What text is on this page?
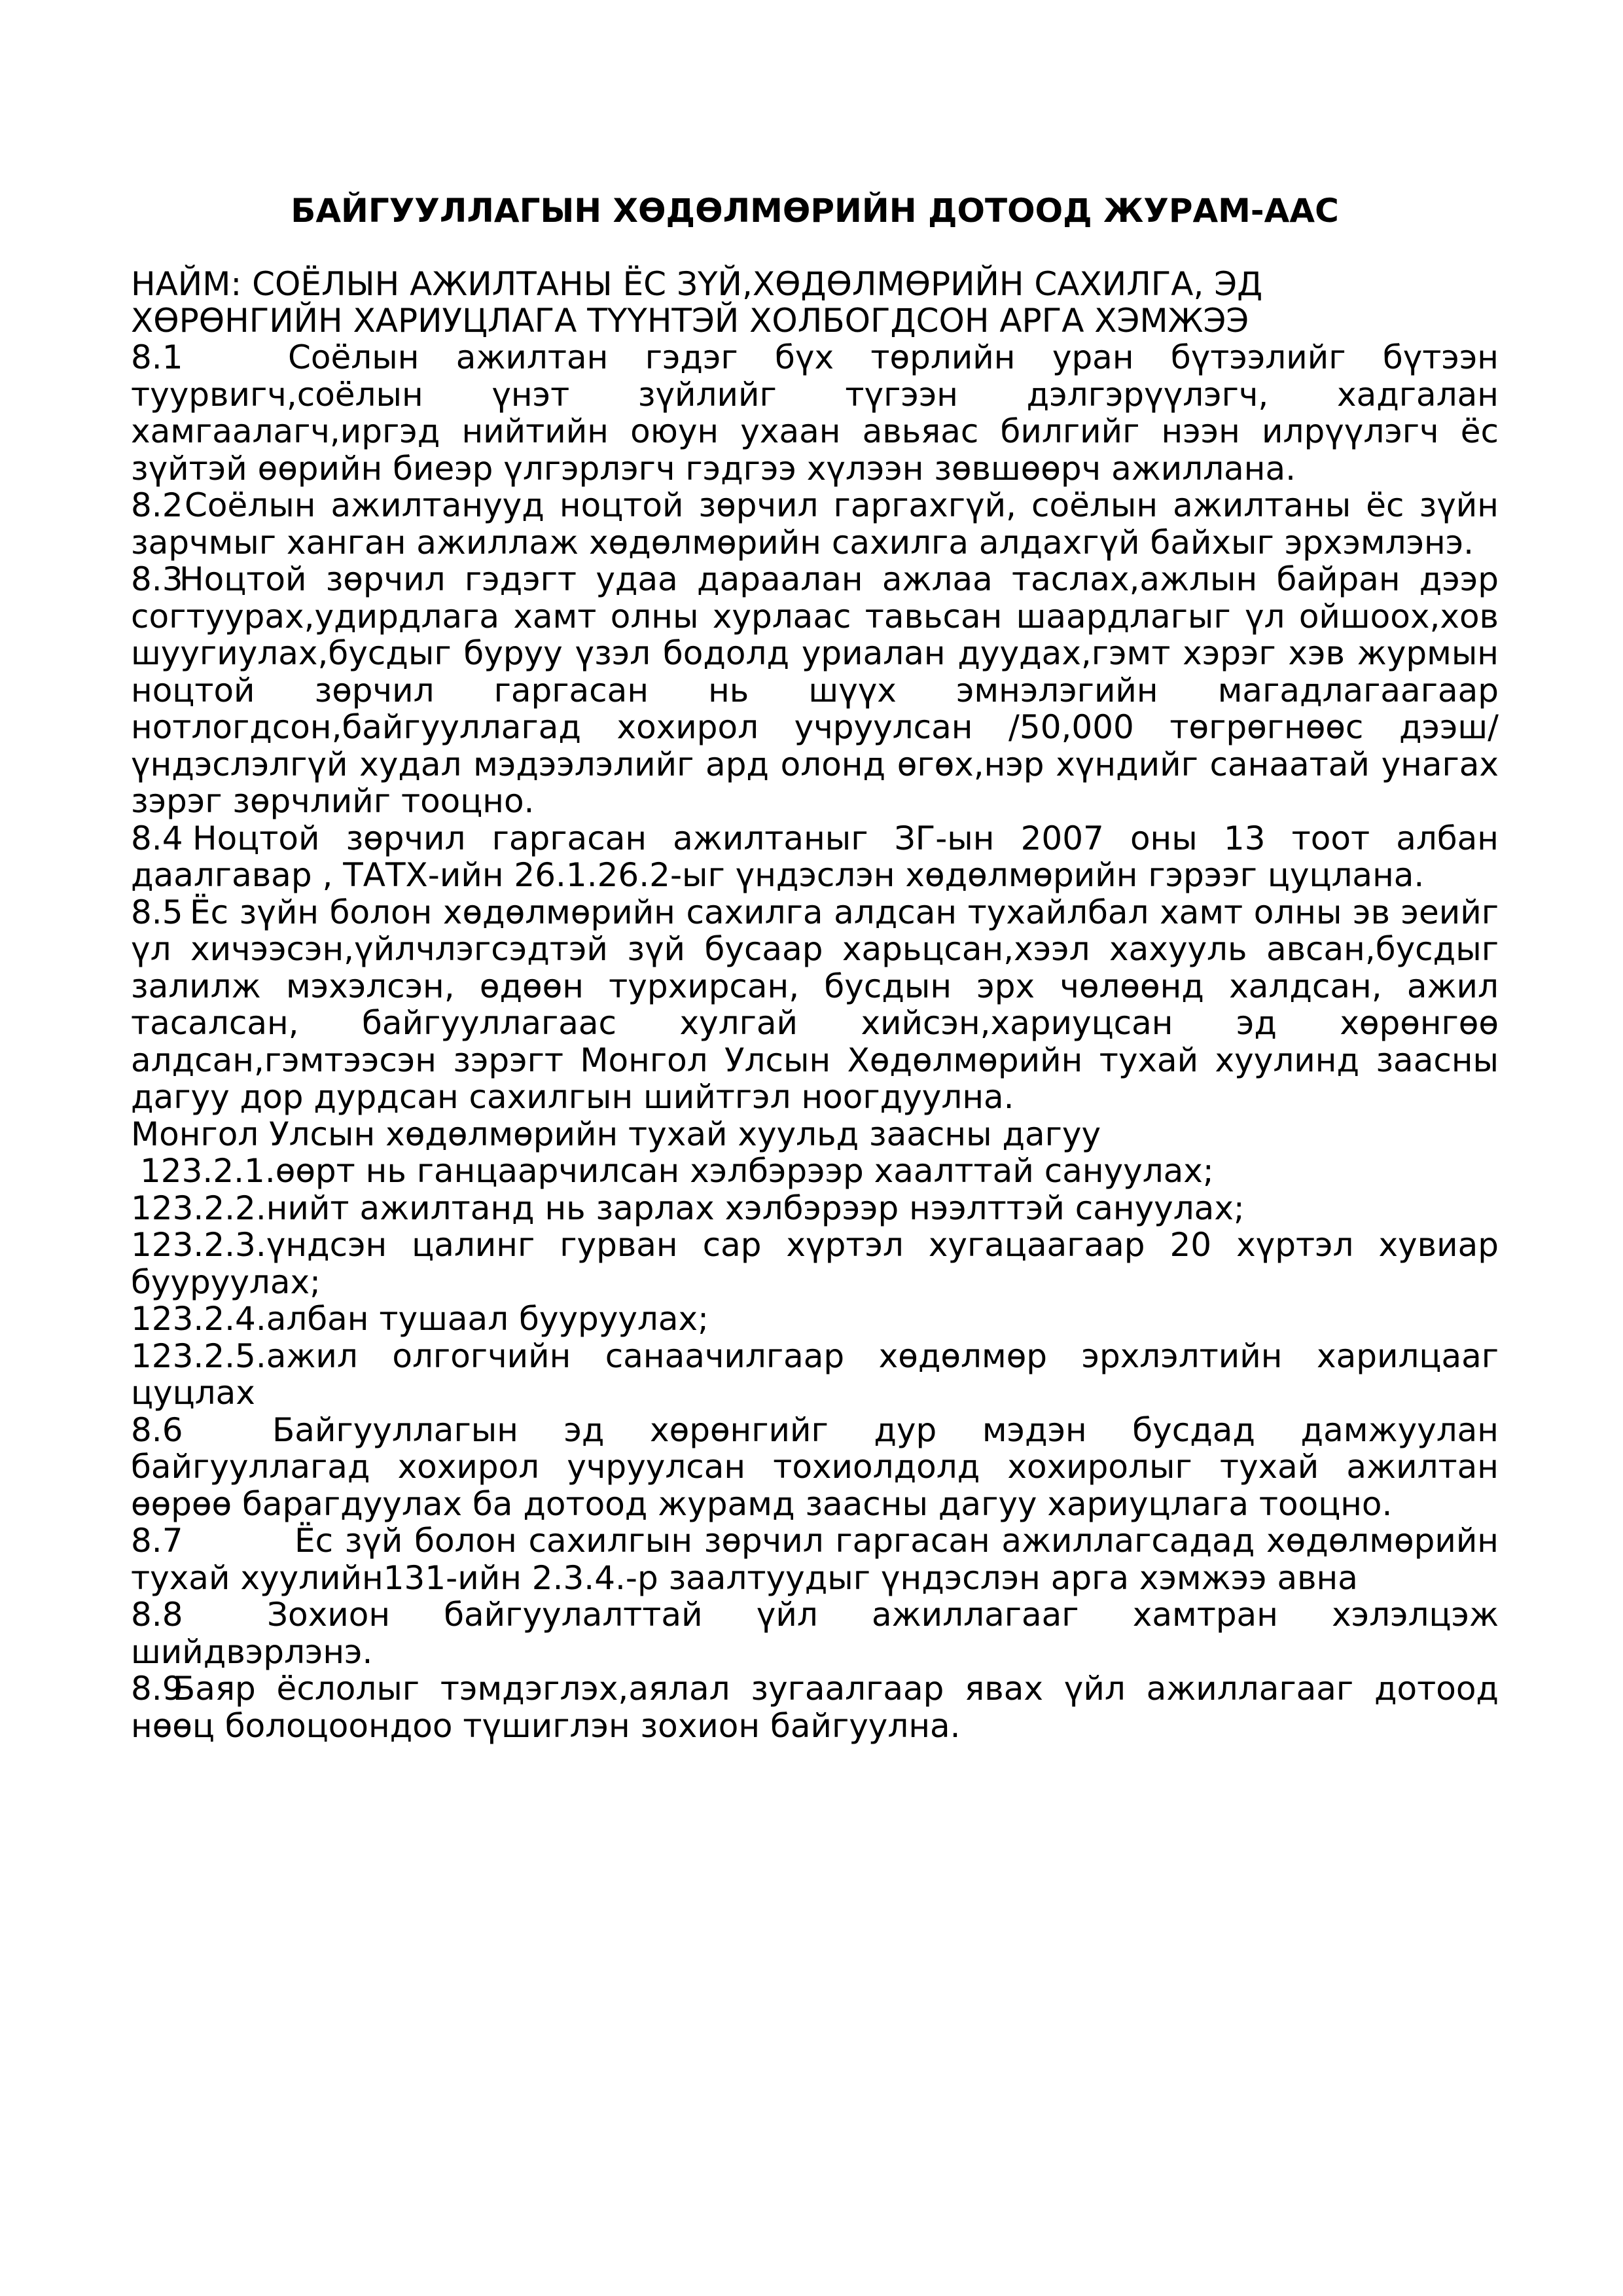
БАЙГУУЛЛАГЫН ХӨДӨЛМӨРИЙН ДОТООД ЖУРАМ-ААС
НАЙМ: СОЁЛЫН АЖИЛТАНЫ ЁС ЗҮЙ,ХӨДӨЛМӨРИЙН САХИЛГА, ЭД
ХӨРӨНГИЙН ХАРИУЦЛАГА ТҮҮНТЭЙ ХОЛБОГДСОН АРГА ХЭМЖЭЭ

8.1	Соёлын ажилтан гэдэг бүх төрлийн уран бүтээлийг бүтээн туурвигч,соёлын үнэт зүйлийг түгээн дэлгэрүүлэгч, хадгалан хамгаалагч,иргэд нийтийн оюун ухаан авьяас билгийг нээн илрүүлэгч ёс зүйтэй өөрийн биеэр үлгэрлэгч гэдгээ хүлээн зөвшөөрч ажиллана.

8.2Соёлын ажилтанууд ноцтой зөрчил гаргахгүй, соёлын ажилтаны ёс зүйн зарчмыг ханган ажиллаж хөдөлмөрийн сахилга алдахгүй байхыг эрхэмлэнэ.

8.3Ноцтой зөрчил гэдэгт удаа дараалан ажлаа таслах,ажлын байран дээр согтуурах,удирдлага хамт олны хурлаас тавьсан шаардлагыг үл ойшоох,хов шуугиулах,бусдыг буруу үзэл бодолд уриалан дуудах,гэмт хэрэг хэв журмын ноцтой зөрчил гаргасан нь шүүх эмнэлэгийн магадлагаагаар нотлогдсон,байгууллагад хохирол учруулсан /50,000 төгрөгнөөс дээш/ үндэслэлгүй худал мэдээлэлийг ард олонд өгөх,нэр хүндийг санаатай унагах зэрэг зөрчлийг тооцно.

8.4 Ноцтой зөрчил гаргасан ажилтаныг ЗГ-ын 2007 оны 13 тоот албан даалгавар , ТАТХ-ийн 26.1.26.2-ыг үндэслэн хөдөлмөрийн гэрээг цуцлана.

8.5 Ёс зүйн болон хөдөлмөрийн сахилга алдсан тухайлбал хамт олны эв эеийг үл хичээсэн,үйлчлэгсэдтэй зүй бусаар харьцсан,хээл хахууль авсан,бусдыг залилж мэхэлсэн, өдөөн турхирсан, бусдын эрх чөлөөнд халдсан, ажил тасалсан, байгууллагаас хулгай хийсэн,хариуцсан эд хөрөнгөө алдсан,гэмтээсэн зэрэгт Монгол Улсын Хөдөлмөрийн тухай хуулинд заасны дагуу дор дурдсан сахилгын шийтгэл ноогдуулна.

Монгол Улсын хөдөлмөрийн тухай хуульд заасны дагуу

123.2.1.өөрт нь ганцаарчилсан хэлбэрээр хаалттай сануулах;

123.2.2.нийт ажилтанд нь зарлах хэлбэрээр нээлттэй сануулах;

123.2.3.үндсэн цалинг гурван сар хүртэл хугацаагаар 20 хүртэл хувиар бууруулах;

123.2.4.албан тушаал бууруулах;

123.2.5.ажил олгогчийн санаачилгаар хөдөлмөр эрхлэлтийн харилцааг цуцлах

8.6	Байгууллагын эд хөрөнгийг дур мэдэн бусдад дамжуулан байгууллагад хохирол учруулсан тохиолдолд хохиролыг тухай ажилтан өөрөө барагдуулах ба дотоод журамд заасны дагуу хариуцлага тооцно.

8.7	Ёс зүй болон сахилгын зөрчил гаргасан ажиллагсадад хөдөлмөрийн тухай хуулийн131-ийн 2.3.4.-р заалтуудыг үндэслэн арга хэмжээ авна

8.8	Зохион байгуулалттай үйл ажиллагааг хамтран хэлэлцэж шийдвэрлэнэ.

8.9Баяр ёслолыг тэмдэглэх,аялал зугаалгаар явах үйл ажиллагааг дотоод нөөц болоцоондоо түшиглэн зохион байгуулна.
